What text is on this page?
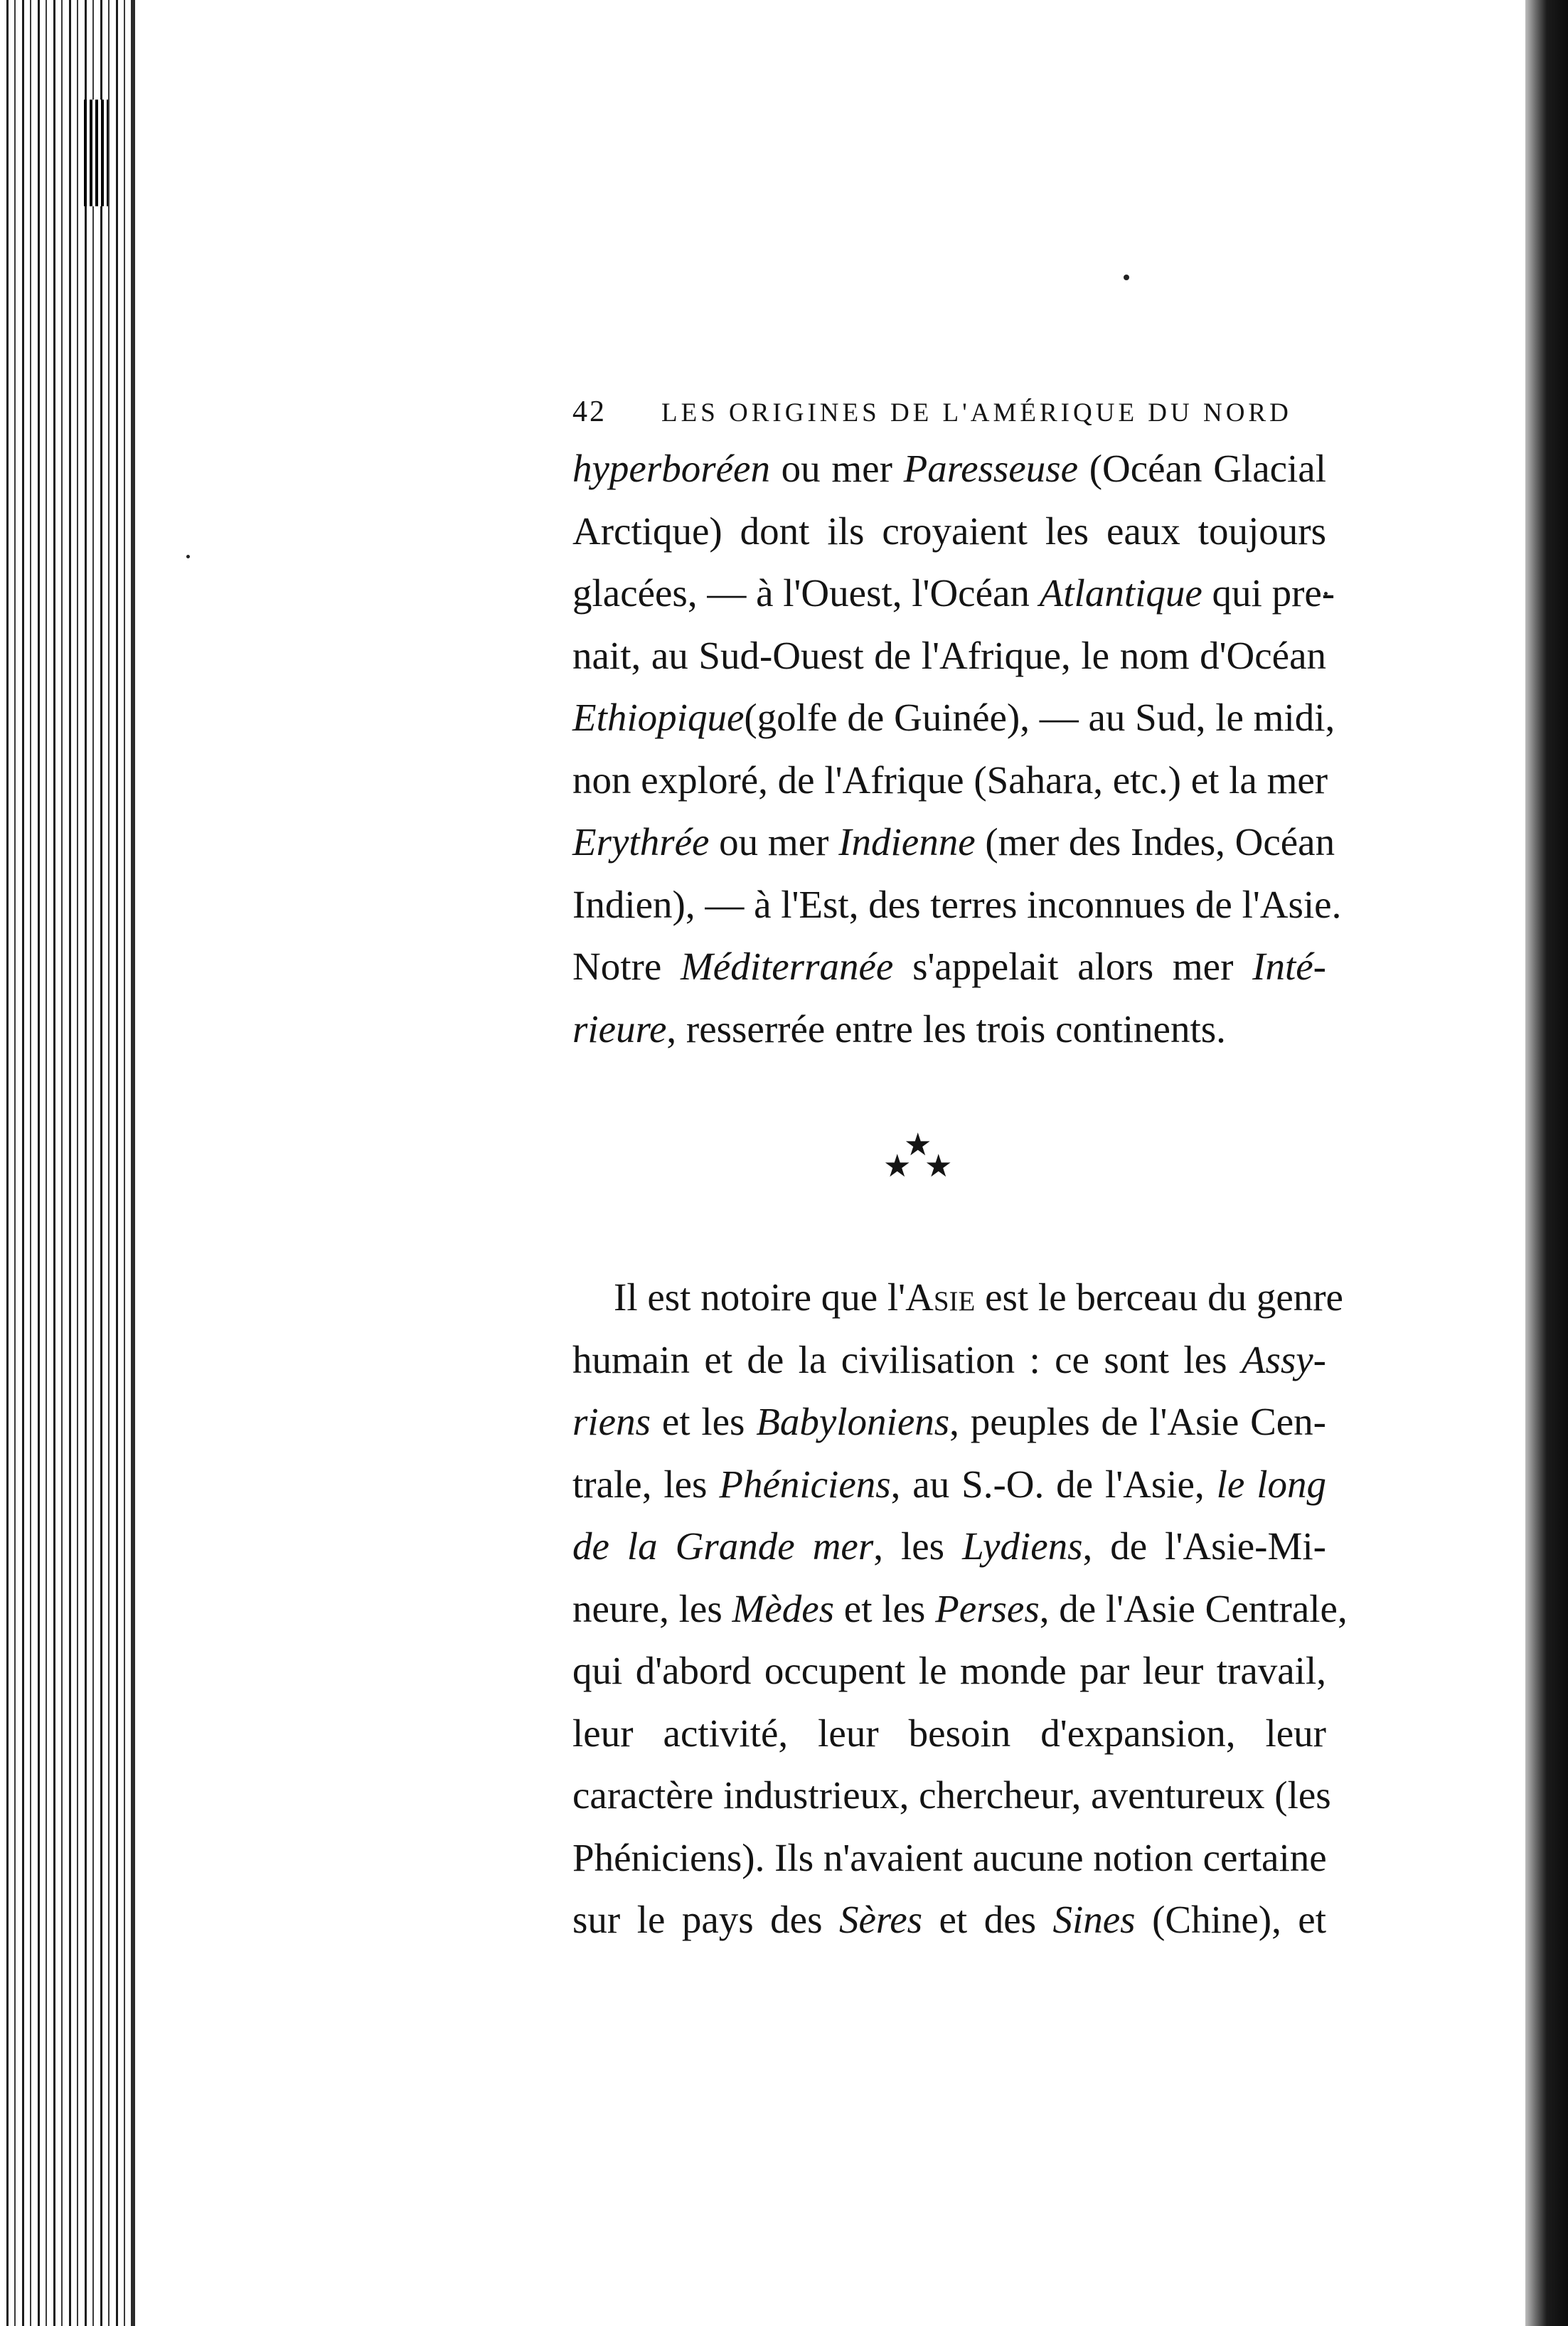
42	LES ORIGINES DE L'AMÉRIQUE DU NORD
hyperboréen ou mer Paresseuse (Océan Glacial
Arctique) dont ils croyaient les eaux toujours
glacées, — à l'Ouest, l'Océan Atlantique qui pre-
nait, au Sud-Ouest de l'Afrique, le nom d'Océan
Ethiopique(golfe de Guinée), — au Sud, le midi,
non exploré, de l'Afrique (Sahara, etc.) et la mer
Erythrée ou mer Indienne (mer des Indes, Océan
Indien), — à l'Est, des terres inconnues de l'Asie.
Notre Méditerranée s'appelait alors mer Inté-
rieure, resserrée entre les trois continents.
★
★ ★
Il est notoire que l'Asie est le berceau du genre
humain et de la civilisation : ce sont les Assy-
riens et les Babyloniens, peuples de l'Asie Cen-
trale, les Phéniciens, au S.-O. de l'Asie, le long
de la Grande mer, les Lydiens, de l'Asie-Mi-
neure, les Mèdes et les Perses, de l'Asie Centrale,
qui d'abord occupent le monde par leur travail,
leur activité, leur besoin d'expansion, leur
caractère industrieux, chercheur, aventureux (les
Phéniciens). Ils n'avaient aucune notion certaine
sur le pays des Sères et des Sines (Chine), et
